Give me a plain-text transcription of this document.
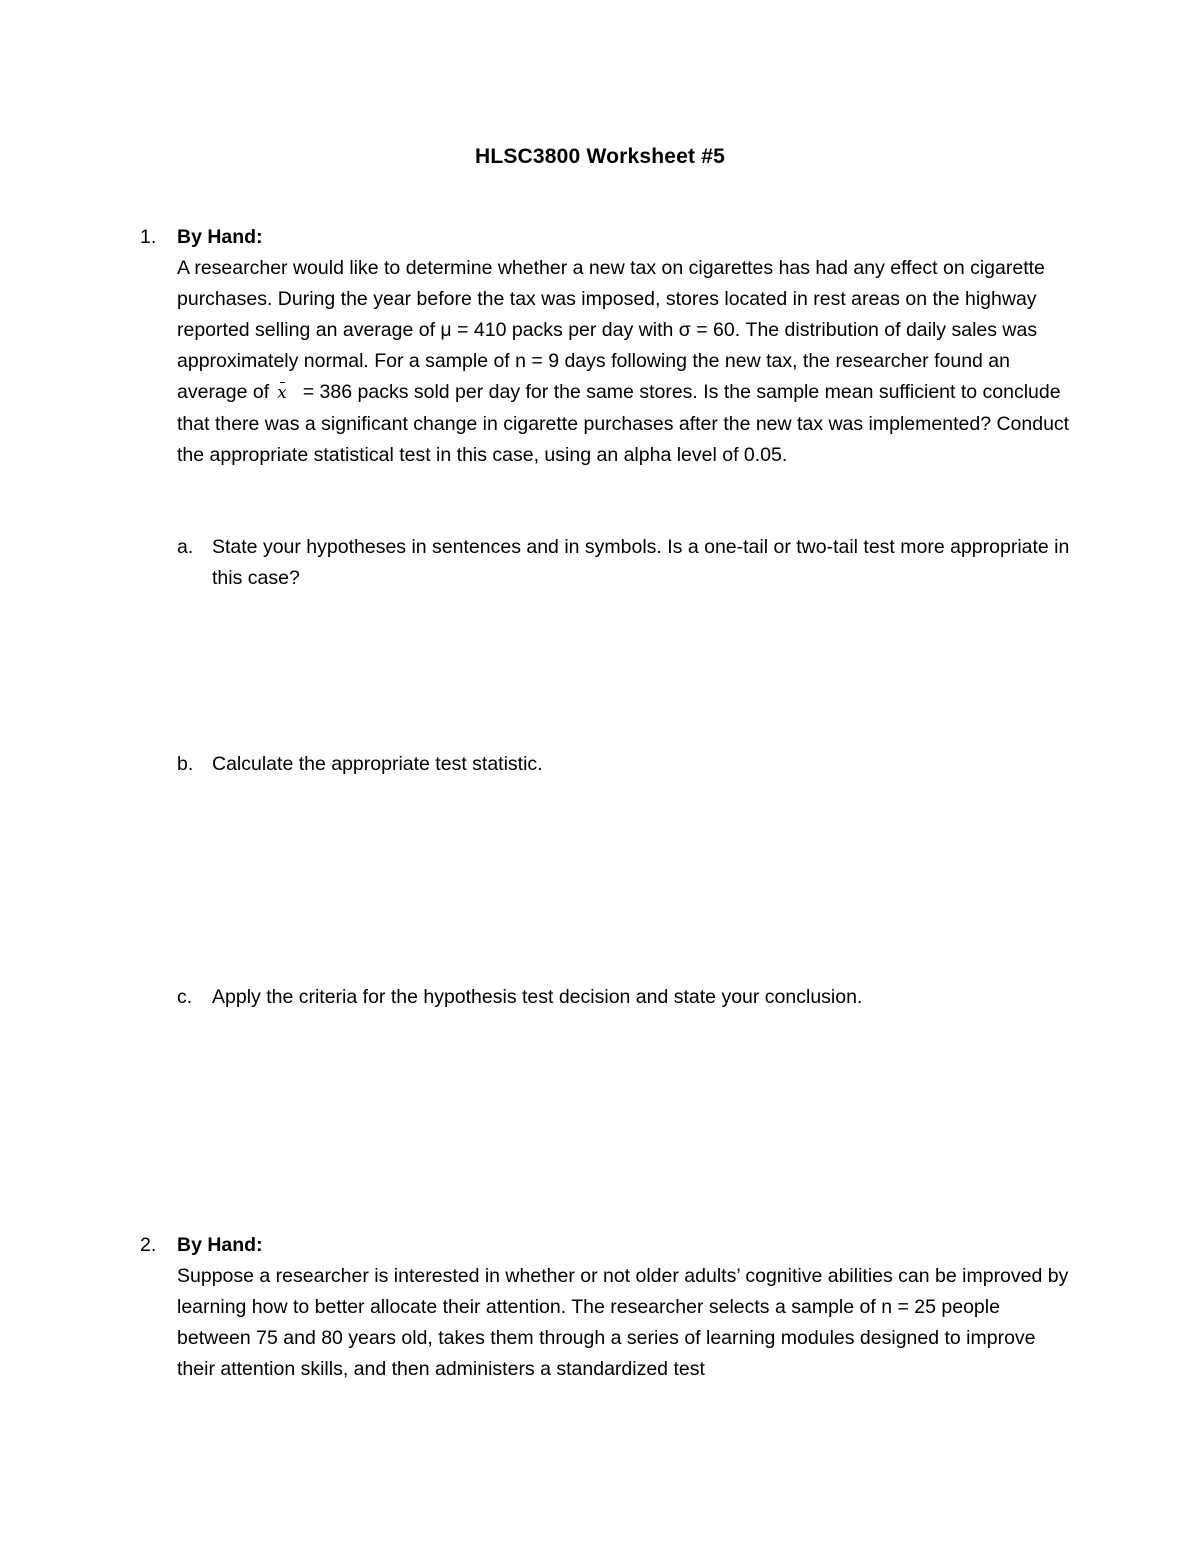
HLSC3800 Worksheet #5
1.	By Hand:

A researcher would like to determine whether a new tax on cigarettes has had any effect on cigarette purchases. During the year before the tax was imposed, stores located in rest areas on the highway reported selling an average of μ = 410 packs per day with σ = 60. The distribution of daily sales was approximately normal. For a sample of n = 9 days following the new tax, the researcher found an average of x = 386 packs sold per day for the same stores. Is the sample mean sufficient to conclude that there was a significant change in cigarette purchases after the new tax was implemented? Conduct the appropriate statistical test in this case, using an alpha level of 0.05.

a. State your hypotheses in sentences and in symbols. Is a one-tail or two-tail test more appropriate in this case?
b. Calculate the appropriate test statistic.
c.	Apply the criteria for the hypothesis test decision and state your conclusion.
2.	By Hand:

Suppose a researcher is interested in whether or not older adults’ cognitive abilities can be improved by learning how to better allocate their attention. The researcher selects a sample of n = 25 people between 75 and 80 years old, takes them through a series of learning modules designed to improve their attention skills, and then administers a standardized test
